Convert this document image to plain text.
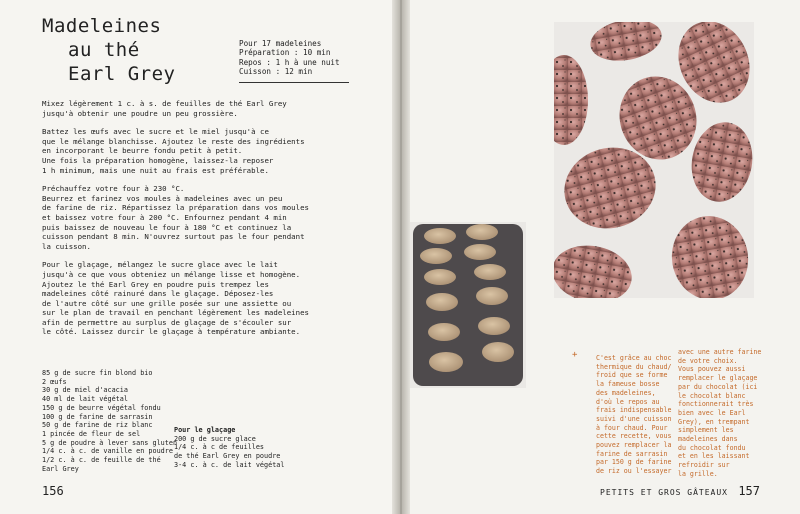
Madeleines
au thé
Earl Grey
Pour 17 madeleines
Préparation : 10 min
Repos : 1 h à une nuit
Cuisson : 12 min

Mixez légèrement 1 c. à s. de feuilles de thé Earl Grey
jusqu'à obtenir une poudre un peu grossière.

Battez les œufs avec le sucre et le miel jusqu'à ce
que le mélange blanchisse. Ajoutez le reste des ingrédients
en incorporant le beurre fondu petit à petit.
Une fois la préparation homogène, laissez-la reposer
1 h minimum, mais une nuit au frais est préférable.

Préchauffez votre four à 230 °C.
Beurrez et farinez vos moules à madeleines avec un peu
de farine de riz. Répartissez la préparation dans vos moules
et baissez votre four à 200 °C. Enfournez pendant 4 min
puis baissez de nouveau le four à 180 °C et continuez la
cuisson pendant 8 min. N'ouvrez surtout pas le four pendant
la cuisson.

Pour le glaçage, mélangez le sucre glace avec le lait
jusqu'à ce que vous obteniez un mélange lisse et homogène.
Ajoutez le thé Earl Grey en poudre puis trempez les
madeleines côté rainuré dans le glaçage. Déposez-les
de l'autre côté sur une grille posée sur une assiette ou
sur le plan de travail en penchant légèrement les madeleines
afin de permettre au surplus de glaçage de s'écouler sur
le côté. Laissez durcir le glaçage à température ambiante.

85 g de sucre fin blond bio
2 œufs
30 g de miel d'acacia
40 ml de lait végétal
150 g de beurre végétal fondu
100 g de farine de sarrasin
50 g de farine de riz blanc
1 pincée de fleur de sel
5 g de poudre à lever sans gluten
1/4 c. à c. de vanille en poudre
1/2 c. à c. de feuille de thé
Earl Grey
Pour le glaçage
200 g de sucre glace
1/4 c. à c de feuilles
de thé Earl Grey en poudre
3-4 c. à c. de lait végétal
156
+	C'est grâce au choc
thermique du chaud/
froid que se forme
la fameuse bosse
des madeleines,
d'où le repos au
frais indispensable
suivi d'une cuisson
à four chaud. Pour
cette recette, vous
pouvez remplacer la
farine de sarrasin
par 150 g de farine
de riz ou l'essayer
avec une autre farine
de votre choix.
Vous pouvez aussi
remplacer le glaçage
par du chocolat (ici
le chocolat blanc
fonctionnerait très
bien avec le Earl
Grey), en trempant
simplement les
madeleines dans
du chocolat fondu
et en les laissant
refroidir sur
la grille.
PETITS ET GROS GÂTEAUX 157
